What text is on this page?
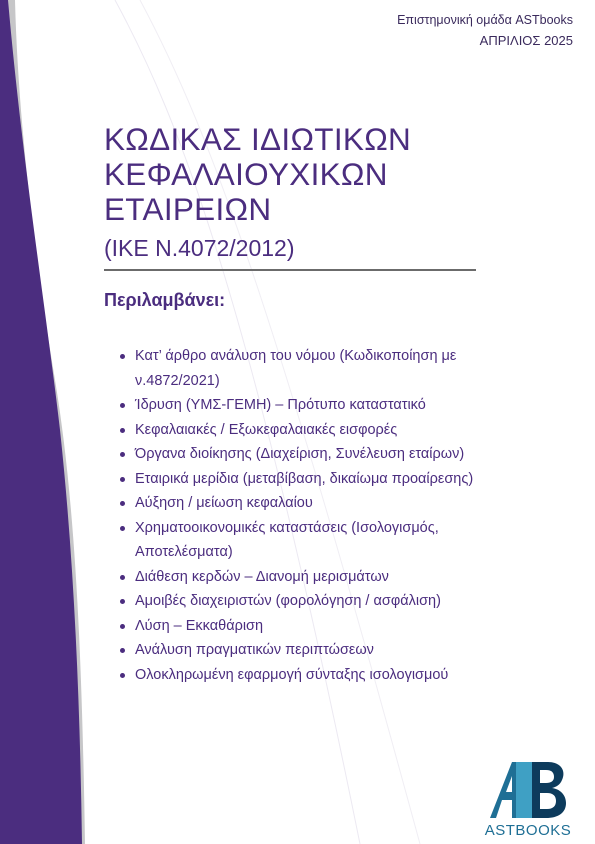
Επιστημονική ομάδα ASTbooks
ΑΠΡΙΛΙΟΣ 2025
ΚΩΔΙΚΑΣ ΙΔΙΩΤΙΚΩΝ
ΚΕΦΑΛΑΙΟΥΧΙΚΩΝ
ΕΤΑΙΡΕΙΩΝ
(ΙΚΕ Ν.4072/2012)
Περιλαμβάνει:
Κατ’ άρθρο ανάλυση του νόμου (Κωδικοποίηση με ν.4872/2021)
Ίδρυση (ΥΜΣ-ΓΕΜΗ) – Πρότυπο καταστατικό
Κεφαλαιακές / Εξωκεφαλαιακές εισφορές
Όργανα διοίκησης (Διαχείριση, Συνέλευση εταίρων)
Εταιρικά μερίδια (μεταβίβαση, δικαίωμα προαίρεσης)
Αύξηση / μείωση κεφαλαίου
Χρηματοοικονομικές καταστάσεις (Ισολογισμός, Αποτελέσματα)
Διάθεση κερδών – Διανομή μερισμάτων
Αμοιβές διαχειριστών (φορολόγηση / ασφάλιση)
Λύση – Εκκαθάριση
Ανάλυση πραγματικών περιπτώσεων
Ολοκληρωμένη εφαρμογή σύνταξης ισολογισμού
ASTBOOKS
